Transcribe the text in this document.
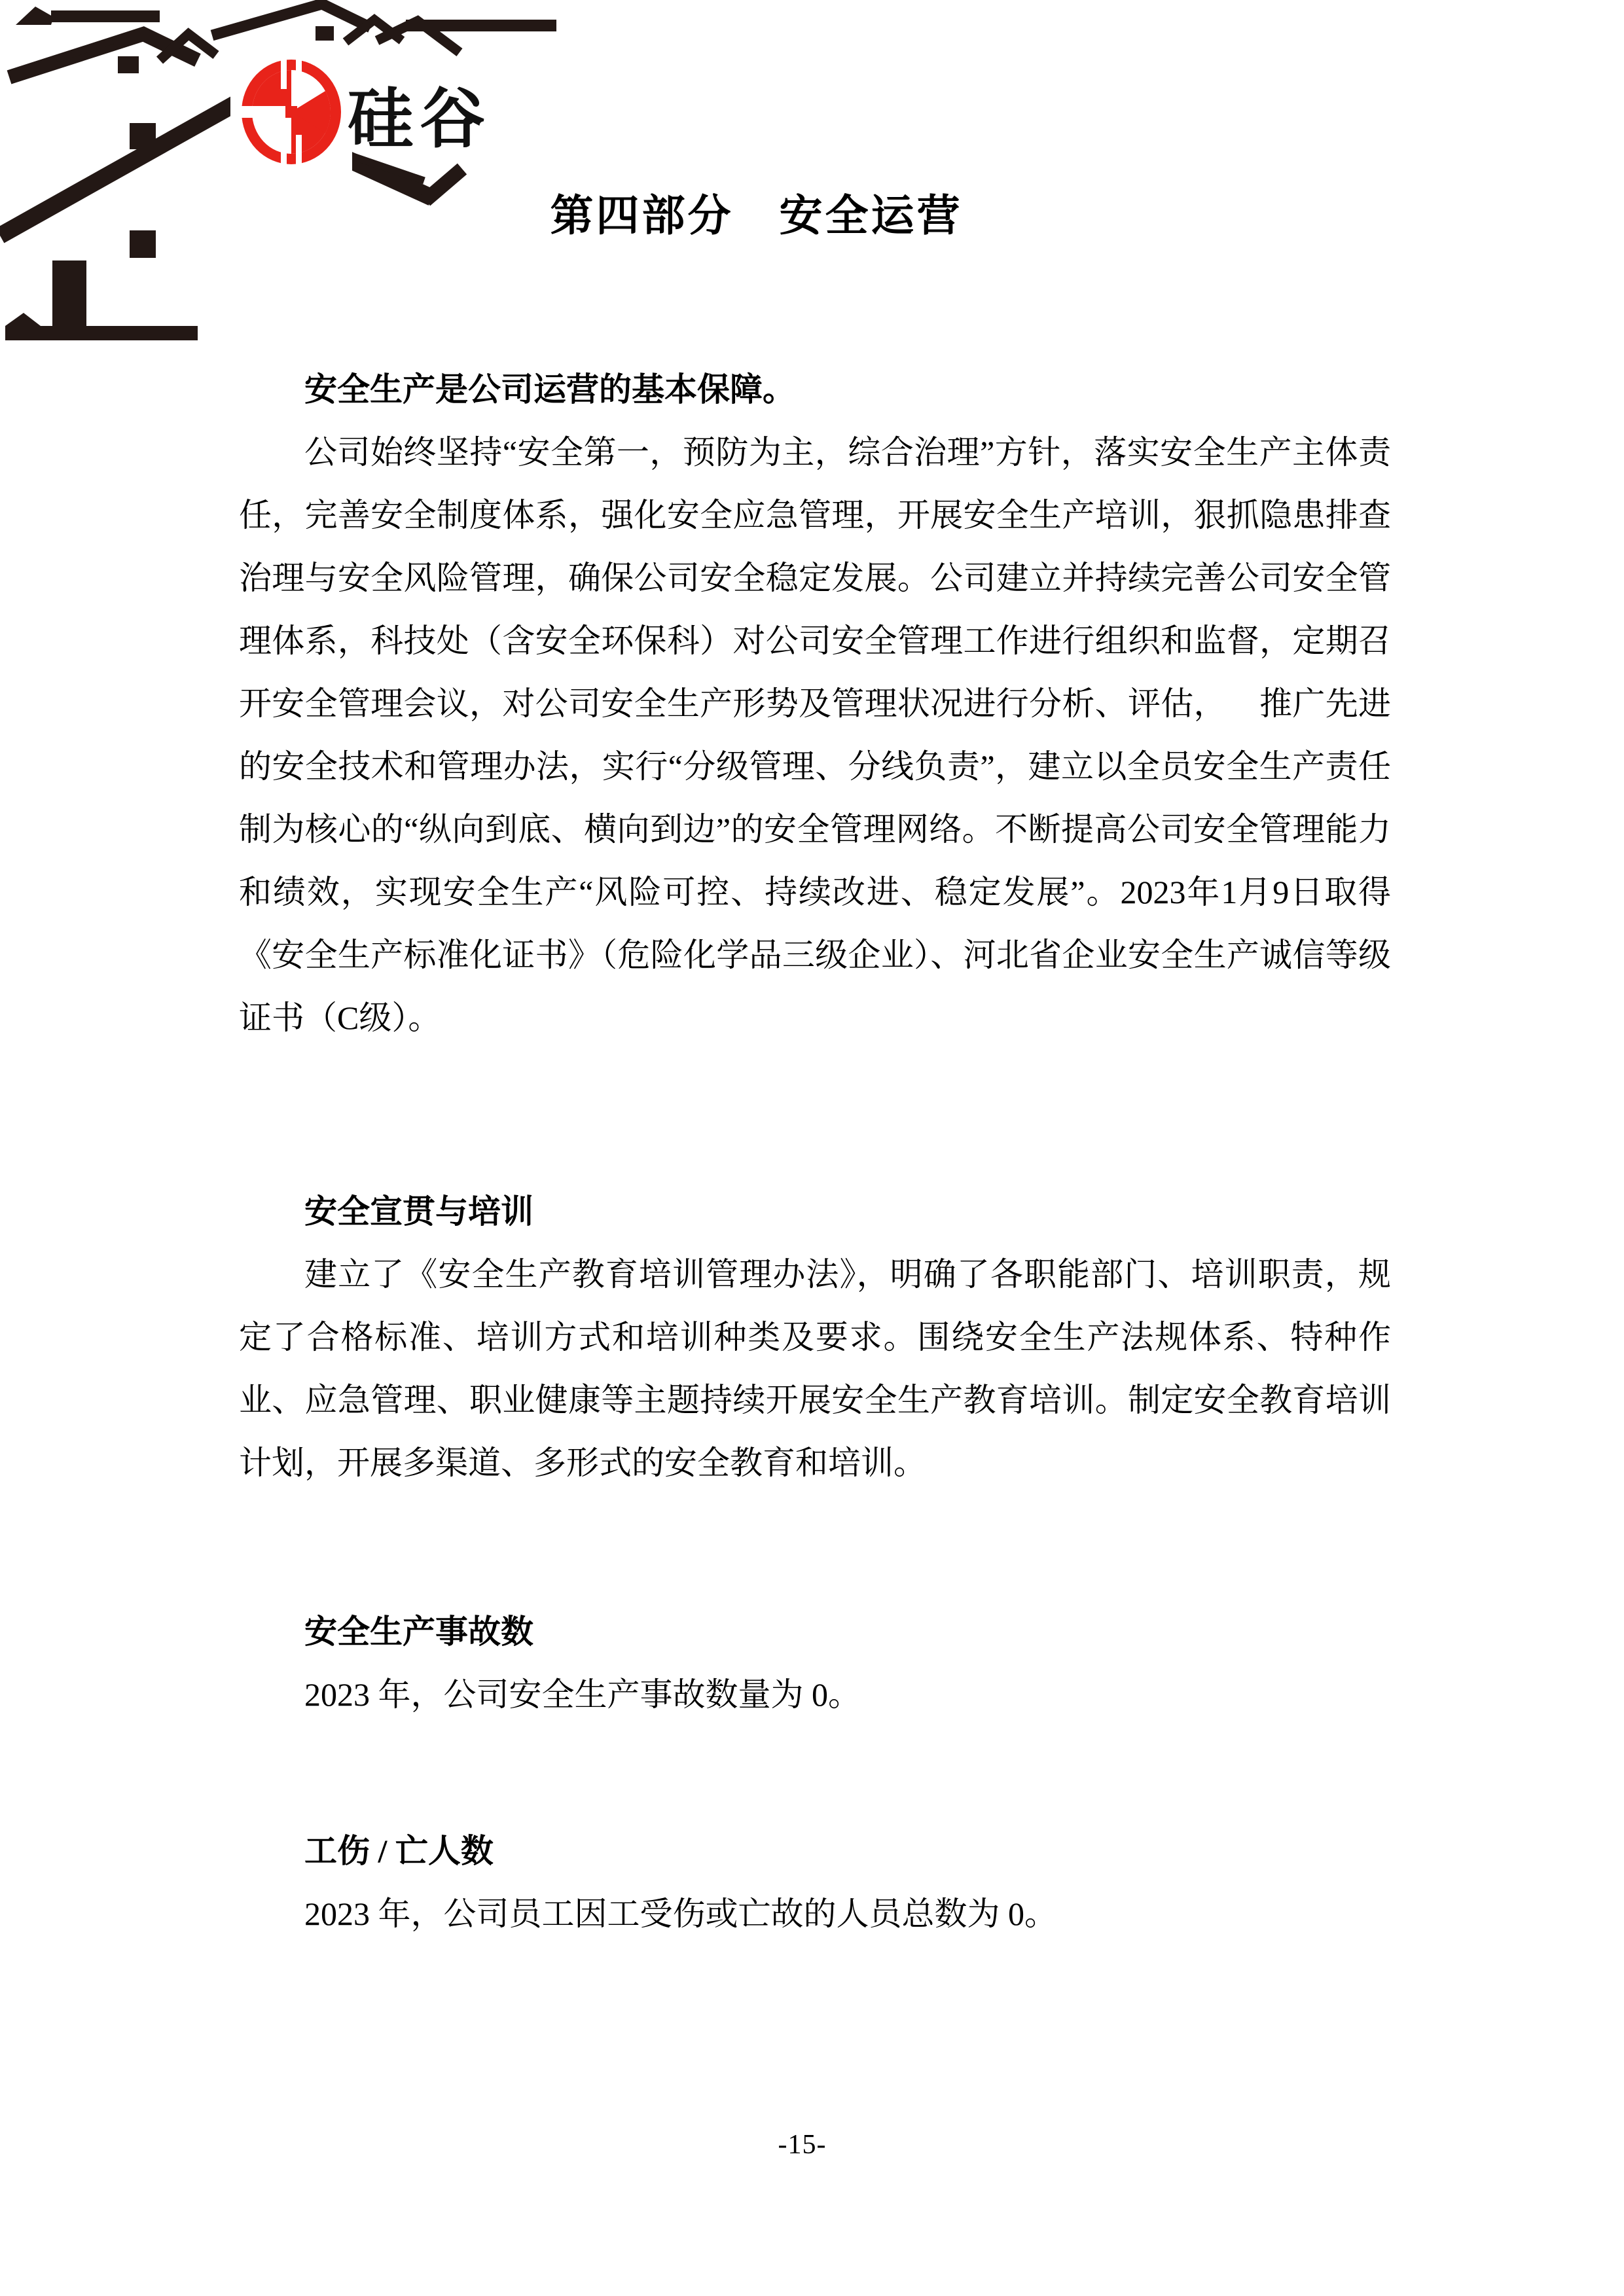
硅谷
第四部分　安全运营
安全生产是公司运营的基本保障。

公司始终坚持“安全第一，预防为主，综合治理”方针，落实安全生产主体责任，完善安全制度体系，强化安全应急管理，开展安全生产培训，狠抓隐患排查治理与安全风险管理，确保公司安全稳定发展。公司建立并持续完善公司安全管理体系，科技处（含安全环保科）对公司安全管理工作进行组织和监督，定期召开安全管理会议，对公司安全生产形势及管理状况进行分析、评估， 推广先进的安全技术和管理办法，实行“分级管理、分线负责”，建立以全员安全生产责任制为核心的“纵向到底、横向到边”的安全管理网络。不断提高公司安全管理能力和绩效，实现安全生产“风险可控、持续改进、稳定发展”。2023年1月9日取得《安全生产标准化证书》（危险化学品三级企业）、河北省企业安全生产诚信等级证书（C级）。

安全宣贯与培训

建立了《安全生产教育培训管理办法》，明确了各职能部门、培训职责，规定了合格标准、培训方式和培训种类及要求。围绕安全生产法规体系、特种作业、应急管理、职业健康等主题持续开展安全生产教育培训。制定安全教育培训计划，开展多渠道、多形式的安全教育和培训。

安全生产事故数

2023 年，公司安全生产事故数量为 0。

工伤 / 亡人数

2023 年，公司员工因工受伤或亡故的人员总数为 0。

-15-
